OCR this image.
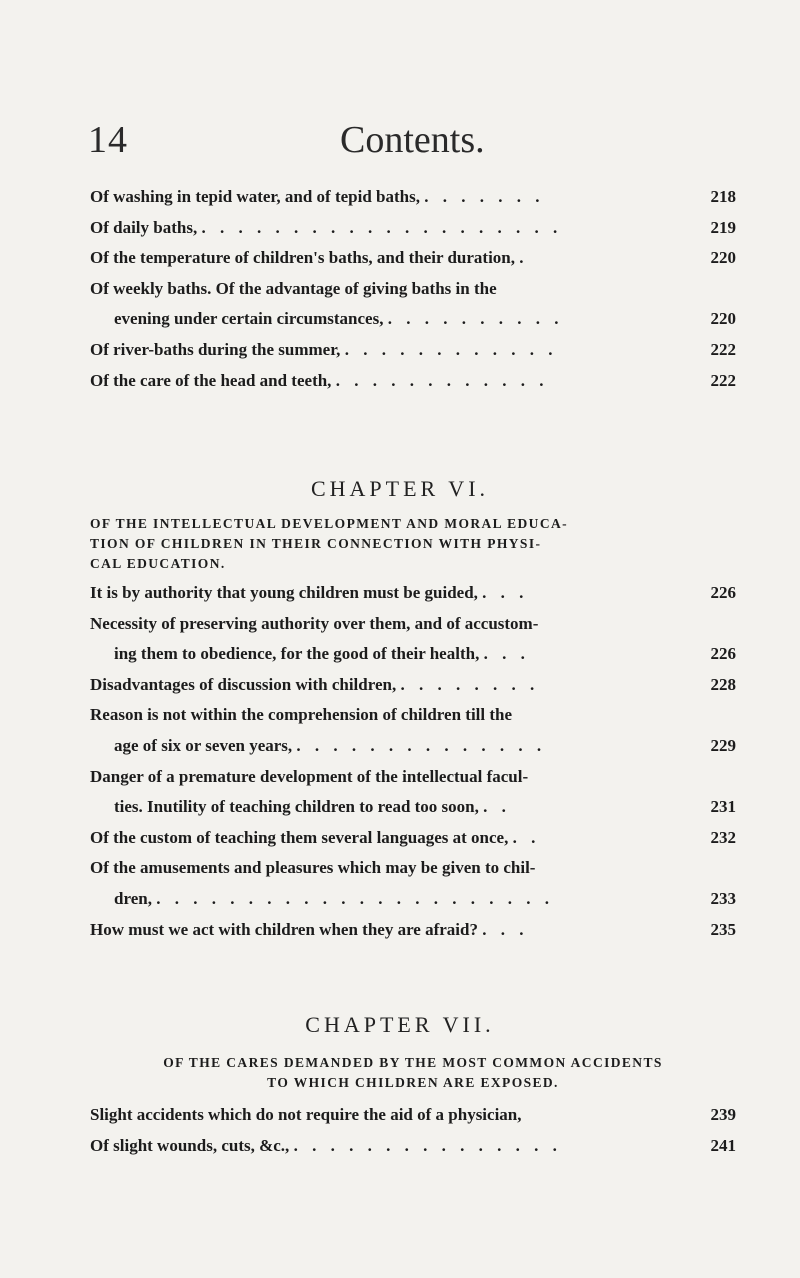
14	Contents.
Of washing in tepid water, and of tepid baths, . . . . . . .	218
Of daily baths, . . . . . . . . . . . . . . . . . . . .	219
Of the temperature of children's baths, and their duration, .	220
Of weekly baths. Of the advantage of giving baths in the
evening under certain circumstances, . . . . . . . . . .	220
Of river-baths during the summer, . . . . . . . . . . . .	222
Of the care of the head and teeth, . . . . . . . . . . . .	222
CHAPTER VI.
OF THE INTELLECTUAL DEVELOPMENT AND MORAL EDUCA-
TION OF CHILDREN IN THEIR CONNECTION WITH PHYSI-
CAL EDUCATION.
It is by authority that young children must be guided, . . .	226
Necessity of preserving authority over them, and of accustom-
ing them to obedience, for the good of their health, . . .	226
Disadvantages of discussion with children, . . . . . . . .	228
Reason is not within the comprehension of children till the
age of six or seven years, . . . . . . . . . . . . . .	229
Danger of a premature development of the intellectual facul-
ties. Inutility of teaching children to read too soon, . .	231
Of the custom of teaching them several languages at once, . .	232
Of the amusements and pleasures which may be given to chil-
dren, . . . . . . . . . . . . . . . . . . . . . .	233
How must we act with children when they are afraid? . . .	235
CHAPTER VII.
OF THE CARES DEMANDED BY THE MOST COMMON ACCIDENTS
TO WHICH CHILDREN ARE EXPOSED.
Slight accidents which do not require the aid of a physician,	239
Of slight wounds, cuts, &c., . . . . . . . . . . . . . . .	241
